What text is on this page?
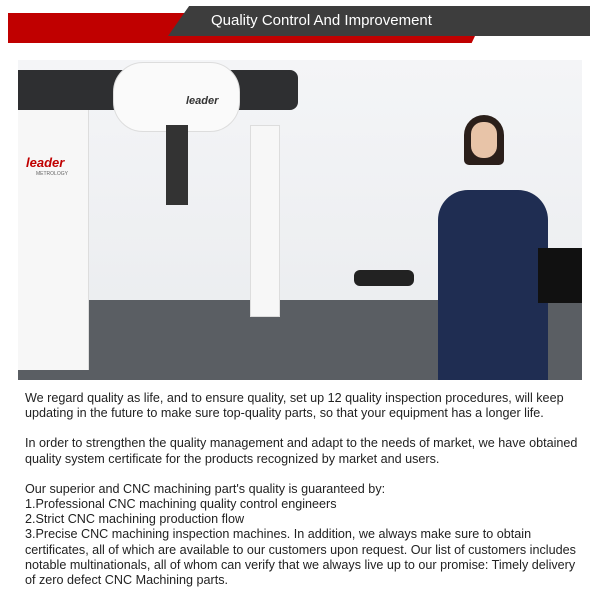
Quality Control And Improvement
leader
METROLOGY
leader

We regard quality as life, and to ensure quality, set up 12 quality inspection procedures, will keep updating in the future to make sure top-quality parts, so that your equipment has a longer life.

In order to strengthen the quality management and adapt to the needs of market, we have obtained quality system certificate for the products recognized by market and users.

Our superior and CNC machining part's quality is guaranteed by:
1.Professional CNC machining quality control engineers
2.Strict CNC machining production flow
3.Precise CNC machining inspection machines. In addition, we always make sure to obtain certificates, all of which are available to our customers upon request. Our list of customers includes notable multinationals, all of whom can verify that we always live up to our promise: Timely delivery of zero defect CNC Machining parts.
